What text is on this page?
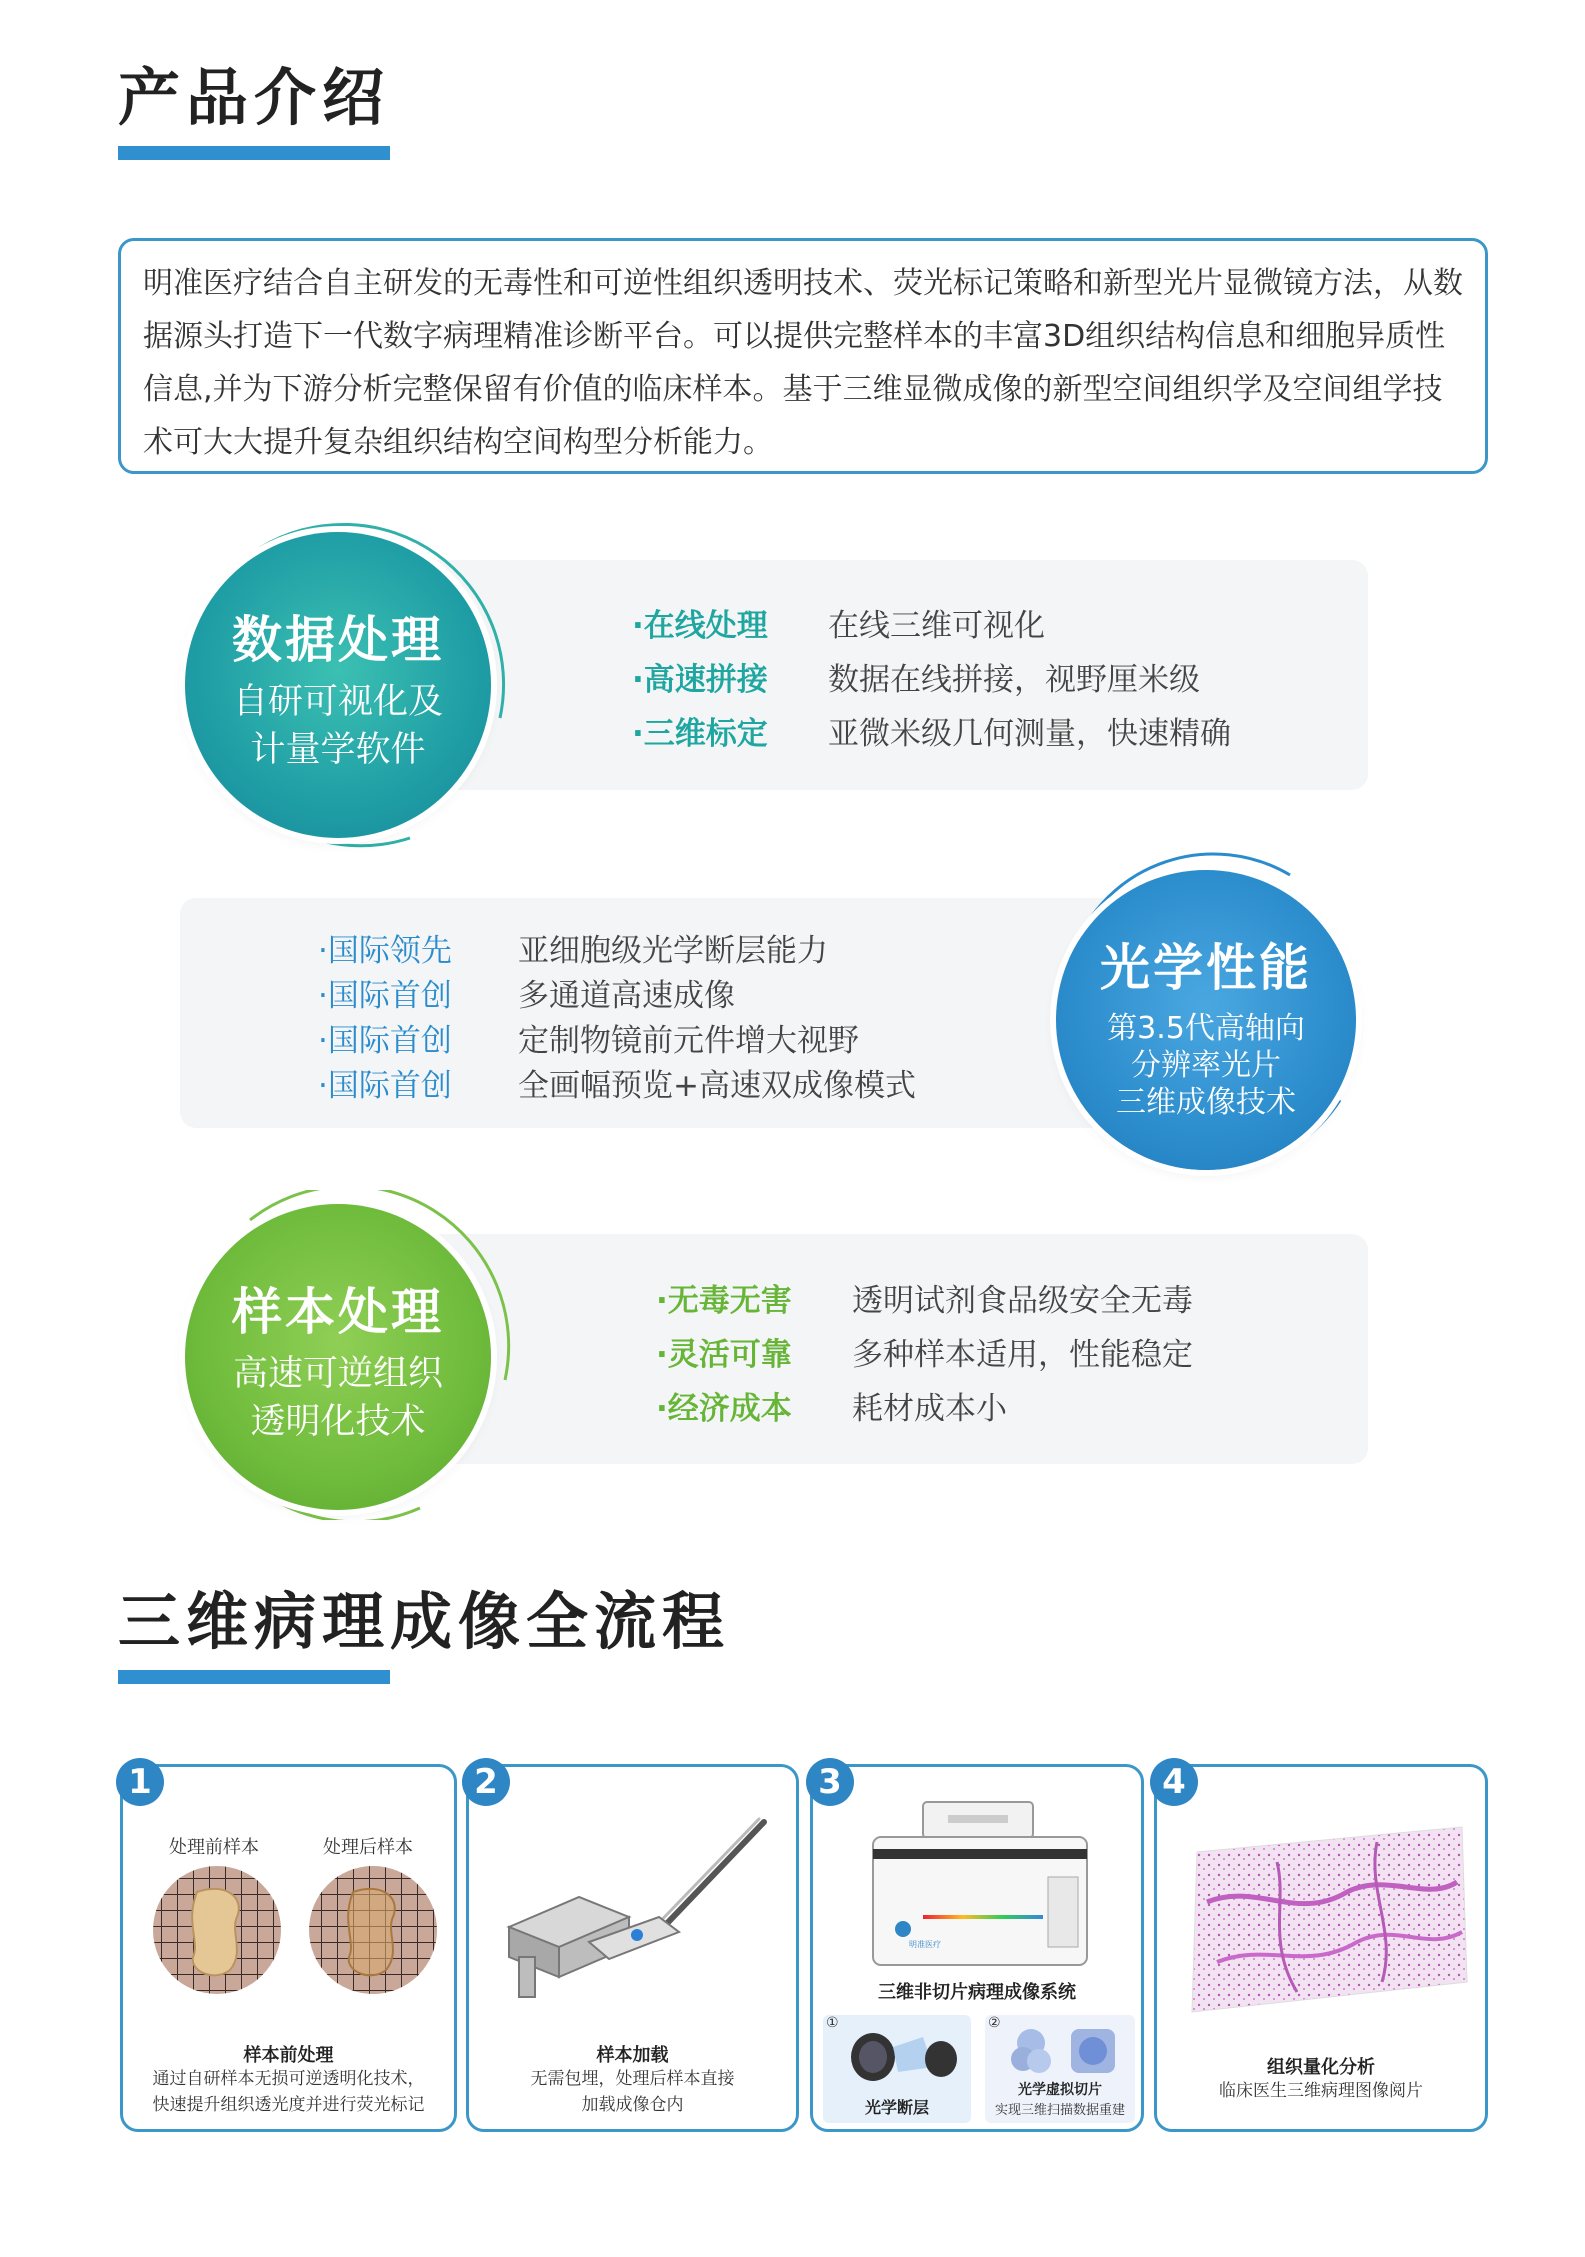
产品介绍
明准医疗结合自主研发的无毒性和可逆性组织透明技术、荧光标记策略和新型光片显微镜方法，从数据源头打造下一代数字病理精准诊断平台。可以提供完整样本的丰富3D组织结构信息和细胞异质性信息,并为下游分析完整保留有价值的临床样本。基于三维显微成像的新型空间组织学及空间组学技术可大大提升复杂组织结构空间构型分析能力。
数据处理
自研可视化及
计量学软件
·在线处理 在线三维可视化
·高速拼接 数据在线拼接，视野厘米级
·三维标定 亚微米级几何测量，快速精确
光学性能
第3.5代高轴向
分辨率光片
三维成像技术
·国际领先 亚细胞级光学断层能力
·国际首创 多通道高速成像
·国际首创 定制物镜前元件增大视野
·国际首创 全画幅预览+高速双成像模式
样本处理
高速可逆组织
透明化技术
·无毒无害 透明试剂食品级安全无毒
·灵活可靠 多种样本适用，性能稳定
·经济成本 耗材成本小
三维病理成像全流程
处理前样本	处理后样本
样本前处理
通过自研样本无损可逆透明化技术，
快速提升组织透光度并进行荧光标记
1
样本加载
无需包埋，处理后样本直接
加载成像仓内
2
明准医疗
三维非切片病理成像系统
①
光学断层
②
光学虚拟切片
实现三维扫描数据重建
3
组织量化分析
临床医生三维病理图像阅片
4
